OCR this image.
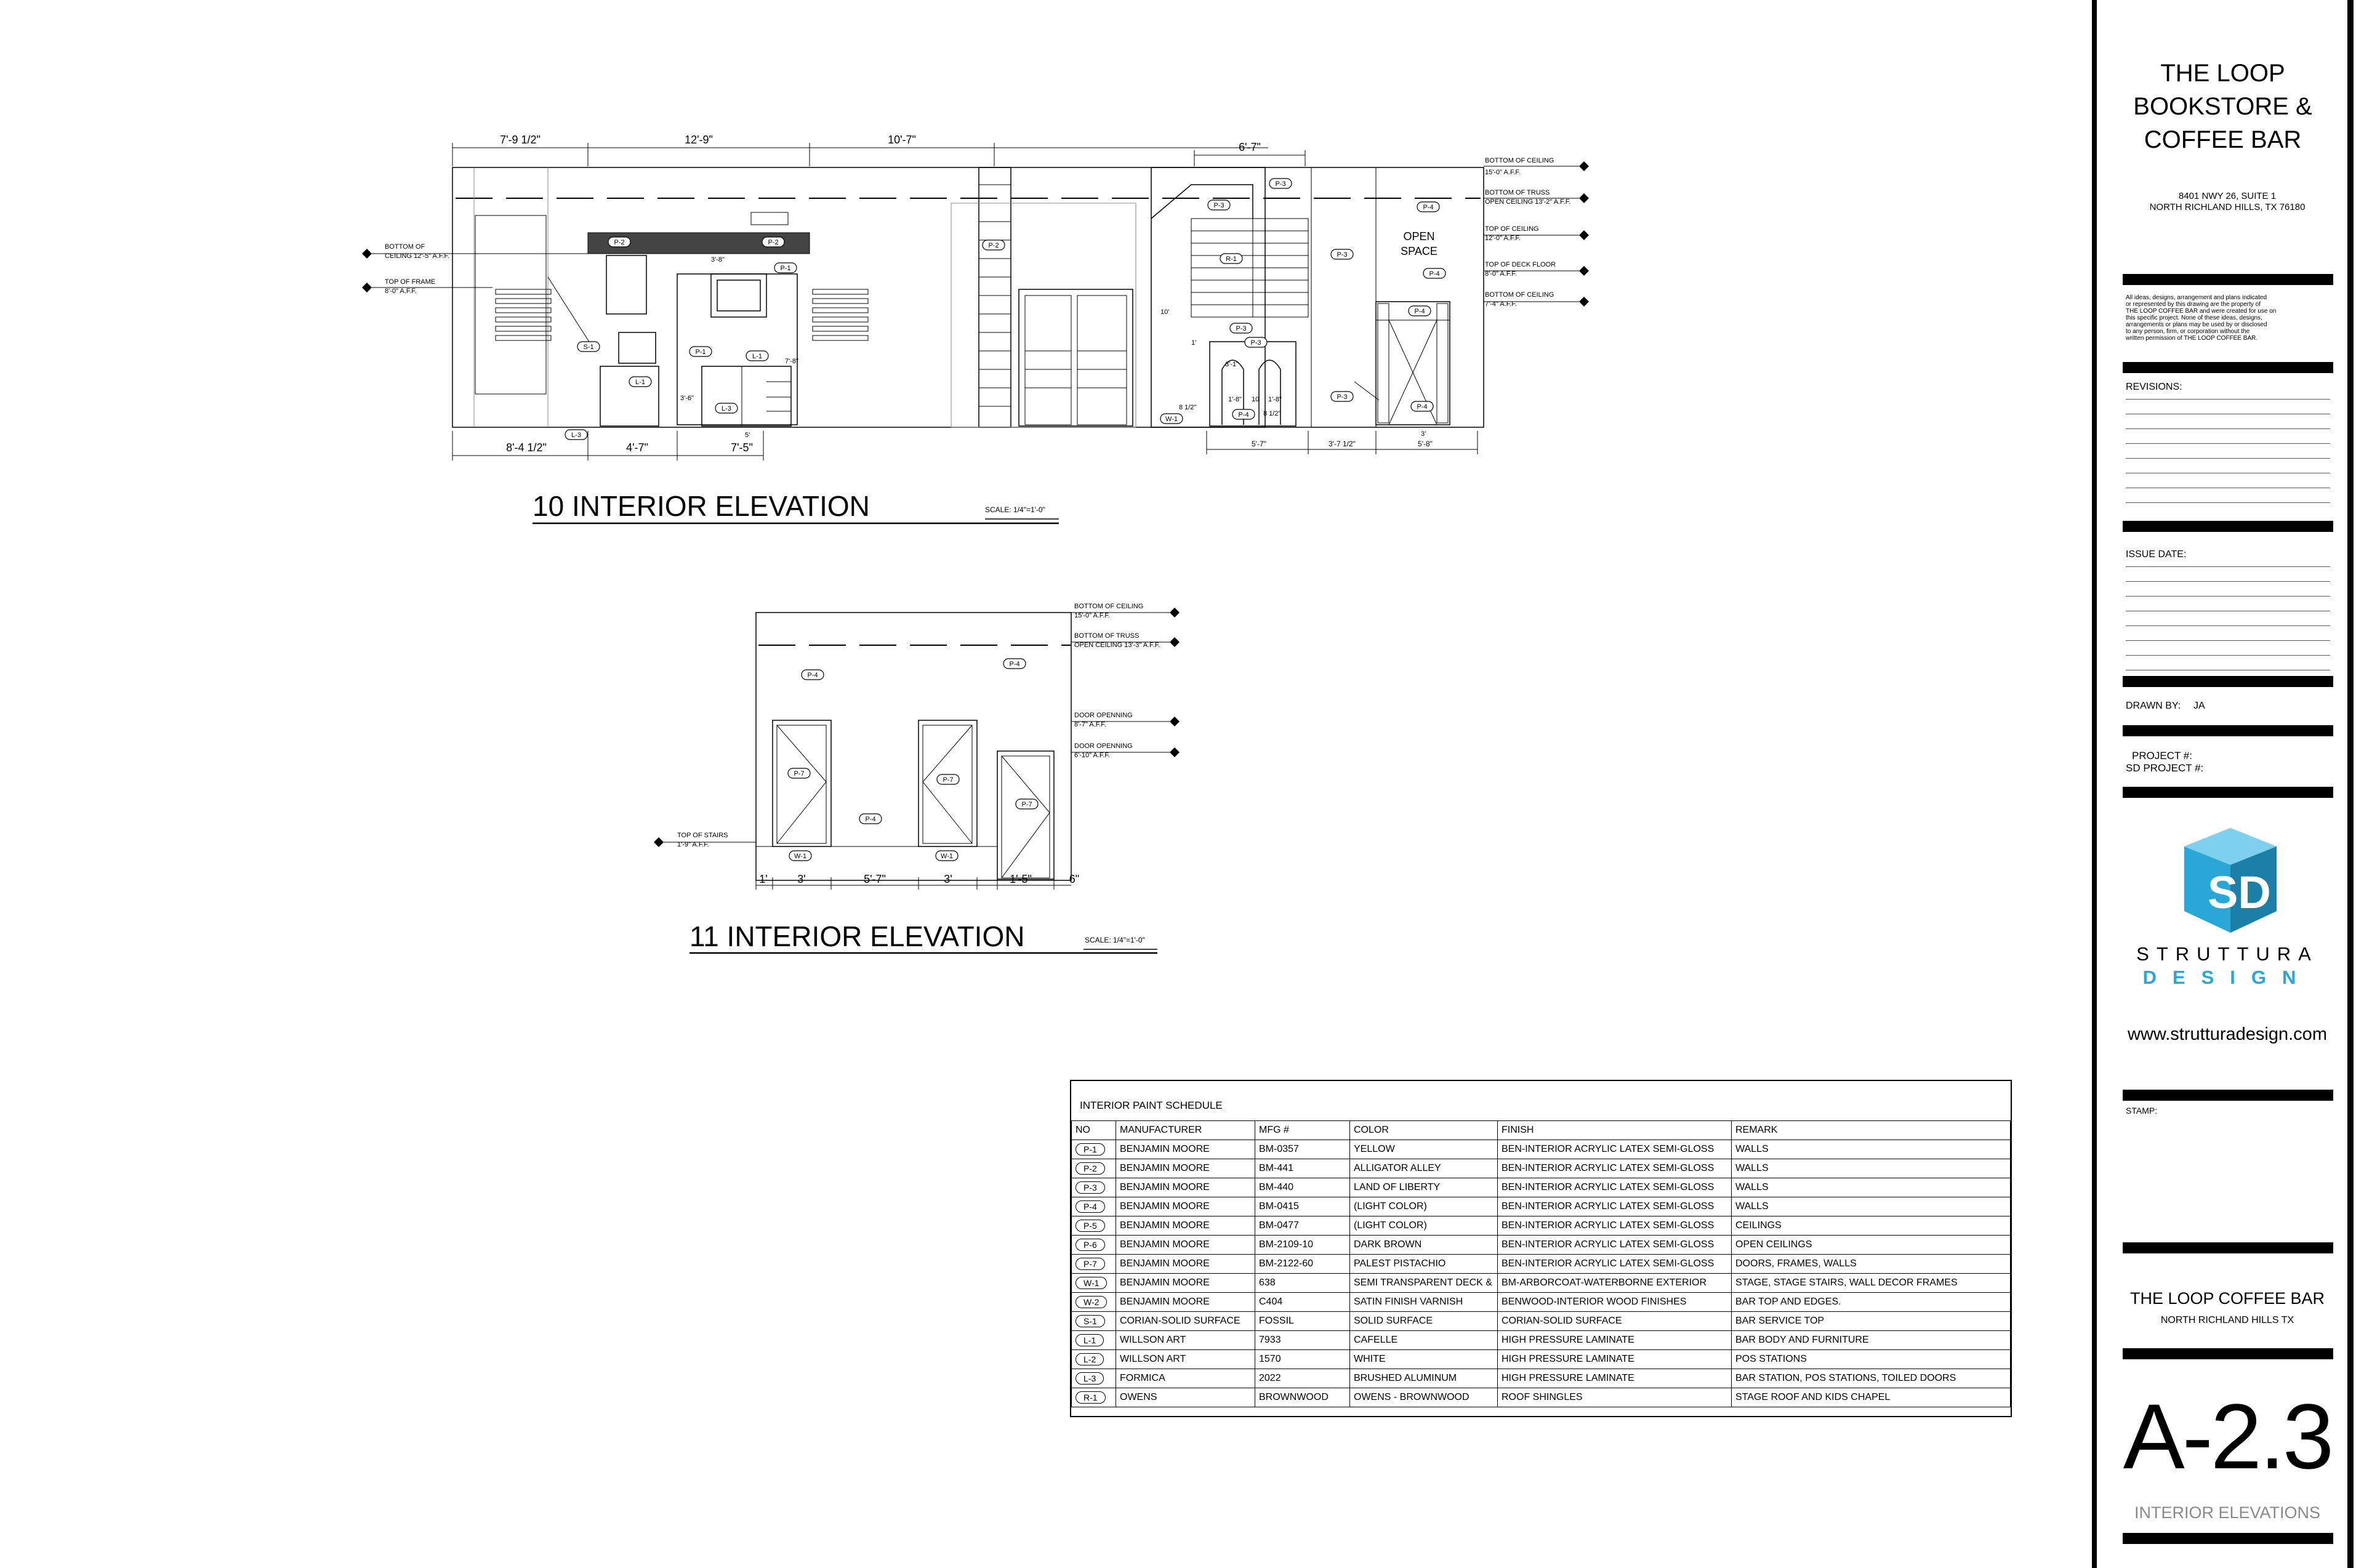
7'-9 1/2"	12'-9"	10'-7"
6'-7"
OPEN
SPACE
8'-4 1/2"	4'-7"	7'-5"	5'-7"	3'-7 1/2"	5'-8"
3'-8"
7'-8"
3'-6"
5'
10'
3'-1"
1'
8 1/2"
1'-8" 10 1'-8"
8 1/2"
3'
BOTTOM OF
CEILING 12'-5" A.F.F.
TOP OF FRAME
8'-0" A.F.F.
BOTTOM OF CEILING
15'-0" A.F.F.
BOTTOM OF TRUSS
OPEN CEILING 13'-2" A.F.F.
TOP OF CEILING
12'-0" A.F.F.
TOP OF DECK FLOOR
8'-0" A.F.F.
BOTTOM OF CEILING
7'-4" A.F.F.
P-2	P-2
P-1
S-1
L-1
L-3
P-1
L-1
L-3
P-2
P-3
P-3
R-1
P-3
P-3
P-3
W-1
P-4
P-4
P-3
P-4
P-4
P-4
10 INTERIOR ELEVATION	SCALE: 1/4"=1'-0"
P-4
P-4
P-7
P-7
P-7
P-4
W-1	W-1
1'	3'	5'-7"	3'	1'-5"	6"
TOP OF STAIRS
1'-9" A.F.F.
BOTTOM OF CEILING
15'-0" A.F.F.
BOTTOM OF TRUSS
OPEN CEILING 13'-3" A.F.F.
DOOR OPENNING
8'-7" A.F.F.
DOOR OPENNING
6'-10" A.F.F.
11 INTERIOR ELEVATION	SCALE: 1/4"=1'-0"
INTERIOR PAINT SCHEDULE
NO	MANUFACTURER	MFG #	COLOR	FINISH	REMARK
P-1	BENJAMIN MOORE	BM-0357	YELLOW	BEN-INTERIOR ACRYLIC LATEX SEMI-GLOSS	WALLS
P-2	BENJAMIN MOORE	BM-441	ALLIGATOR ALLEY	BEN-INTERIOR ACRYLIC LATEX SEMI-GLOSS	WALLS
P-3	BENJAMIN MOORE	BM-440	LAND OF LIBERTY	BEN-INTERIOR ACRYLIC LATEX SEMI-GLOSS	WALLS
P-4	BENJAMIN MOORE	BM-0415	(LIGHT COLOR)	BEN-INTERIOR ACRYLIC LATEX SEMI-GLOSS	WALLS
P-5	BENJAMIN MOORE	BM-0477	(LIGHT COLOR)	BEN-INTERIOR ACRYLIC LATEX SEMI-GLOSS	CEILINGS
P-6	BENJAMIN MOORE	BM-2109-10	DARK BROWN	BEN-INTERIOR ACRYLIC LATEX SEMI-GLOSS	OPEN CEILINGS
P-7	BENJAMIN MOORE	BM-2122-60	PALEST PISTACHIO	BEN-INTERIOR ACRYLIC LATEX SEMI-GLOSS	DOORS, FRAMES, WALLS
W-1	BENJAMIN MOORE	638	SEMI TRANSPARENT DECK &	BM-ARBORCOAT-WATERBORNE EXTERIOR	STAGE, STAGE STAIRS, WALL DECOR FRAMES
W-2	BENJAMIN MOORE	C404	SATIN FINISH VARNISH	BENWOOD-INTERIOR WOOD FINISHES	BAR TOP AND EDGES.
S-1	CORIAN-SOLID SURFACE	FOSSIL	SOLID SURFACE	CORIAN-SOLID SURFACE	BAR SERVICE TOP
L-1	WILLSON ART	7933	CAFELLE	HIGH PRESSURE LAMINATE	BAR BODY AND FURNITURE
L-2	WILLSON ART	1570	WHITE	HIGH PRESSURE LAMINATE	POS STATIONS
L-3	FORMICA	2022	BRUSHED ALUMINUM	HIGH PRESSURE LAMINATE	BAR STATION, POS STATIONS, TOILED DOORS
R-1	OWENS	BROWNWOOD	OWENS - BROWNWOOD	ROOF SHINGLES	STAGE ROOF AND KIDS CHAPEL
THE LOOP
BOOKSTORE &
COFFEE BAR
8401 NWY 26, SUITE 1
NORTH RICHLAND HILLS, TX 76180
All ideas, designs, arrangement and plans indicated
or represented by this drawing are the property of
THE LOOP COFFEE BAR and were created for use on
this specific project. None of these ideas, designs,
arrangements or plans may be used by or disclosed
to any person, firm, or corporation without the
written permission of THE LOOP COFFEE BAR.
REVISIONS:
ISSUE DATE:
DRAWN BY: JA
PROJECT #:
SD PROJECT #:
SD
STRUTTURA
DESIGN
www.strutturadesign.com
STAMP:
THE LOOP COFFEE BAR
NORTH RICHLAND HILLS TX
A-2.3
INTERIOR ELEVATIONS
